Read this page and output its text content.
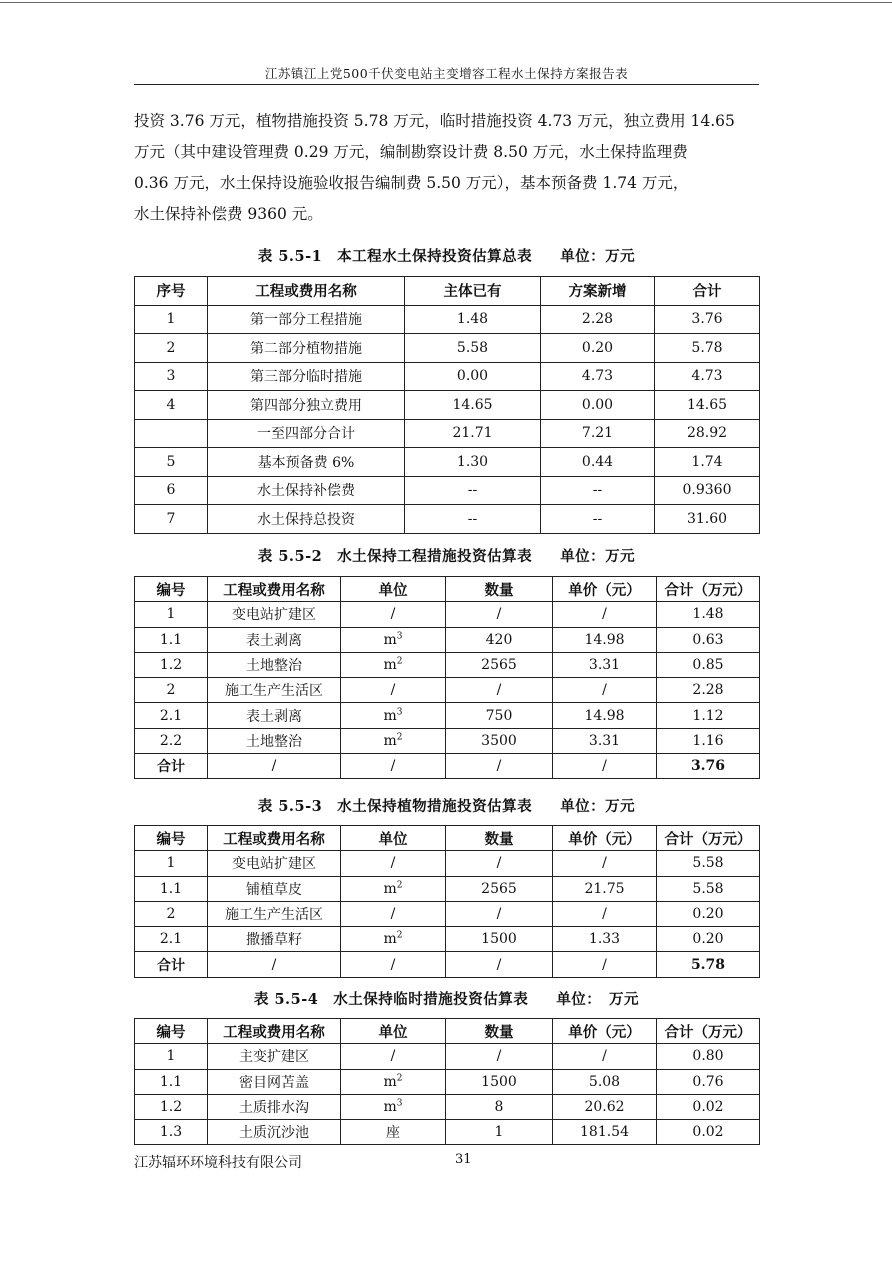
江苏镇江上党500千伏变电站主变增容工程水土保持方案报告表
投资 3.76 万元，植物措施投资 5.78 万元，临时措施投资 4.73 万元，独立费用 14.65
万元（其中建设管理费 0.29 万元，编制勘察设计费 8.50 万元，水土保持监理费
0.36 万元，水土保持设施验收报告编制费 5.50 万元），基本预备费 1.74 万元，
水土保持补偿费 9360 元。
表 5.5-1　本工程水土保持投资估算总表 单位：万元
序号	工程或费用名称	主体已有	方案新增	合计
1	第一部分工程措施	1.48	2.28	3.76
2	第二部分植物措施	5.58	0.20	5.78
3	第三部分临时措施	0.00	4.73	4.73
4	第四部分独立费用	14.65	0.00	14.65
	一至四部分合计	21.71	7.21	28.92
5	基本预备费 6%	1.30	0.44	1.74
6	水土保持补偿费	--	--	0.9360
7	水土保持总投资	--	--	31.60
表 5.5-2　水土保持工程措施投资估算表 单位：万元
编号	工程或费用名称	单位	数量	单价（元）	合计（万元）
1	变电站扩建区	/	/	/	1.48
1.1	表土剥离	$m^3$	420	14.98	0.63
1.2	土地整治	$m^2$	2565	3.31	0.85
2	施工生产生活区	/	/	/	2.28
2.1	表土剥离	$m^3$	750	14.98	1.12
2.2	土地整治	$m^2$	3500	3.31	1.16
合计	/	/	/	/	3.76
表 5.5-3　水土保持植物措施投资估算表 单位：万元
编号	工程或费用名称	单位	数量	单价（元）	合计（万元）
1	变电站扩建区	/	/	/	5.58
1.1	铺植草皮	$m^2$	2565	21.75	5.58
2	施工生产生活区	/	/	/	0.20
2.1	撒播草籽	$m^2$	1500	1.33	0.20
合计	/	/	/	/	5.78
表 5.5-4　水土保持临时措施投资估算表 单位：　万元
编号	工程或费用名称	单位	数量	单价（元）	合计（万元）
1	主变扩建区	/	/	/	0.80
1.1	密目网苫盖	$m^2$	1500	5.08	0.76
1.2	土质排水沟	$m^3$	8	20.62	0.02
1.3	土质沉沙池	座	1	181.54	0.02
江苏辐环环境科技有限公司	31
